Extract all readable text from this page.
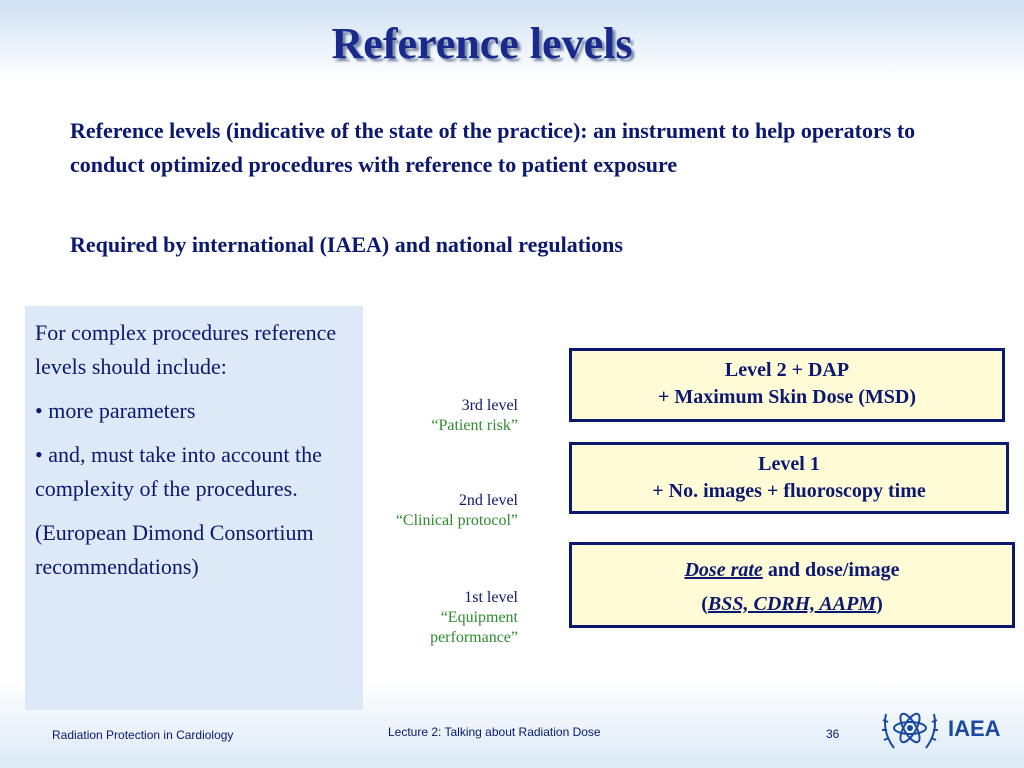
Reference levels
Reference levels (indicative of the state of the practice): an instrument to help operators to conduct optimized procedures with reference to patient exposure
Required by international (IAEA) and national regulations

For complex procedures reference levels should include:

• more parameters

• and, must take into account the complexity of the procedures.

(European Dimond Consortium recommendations)

3rd level
“Patient risk”
2nd level
“Clinical protocol”
1st level
“Equipment
performance”
Level 2 + DAP
+ Maximum Skin Dose (MSD)
Level 1
+ No. images + fluoroscopy time
Dose rate and dose/image
(BSS, CDRH, AAPM)
Radiation Protection in Cardiology	Lecture 2: Talking about Radiation Dose	36	IAEA
